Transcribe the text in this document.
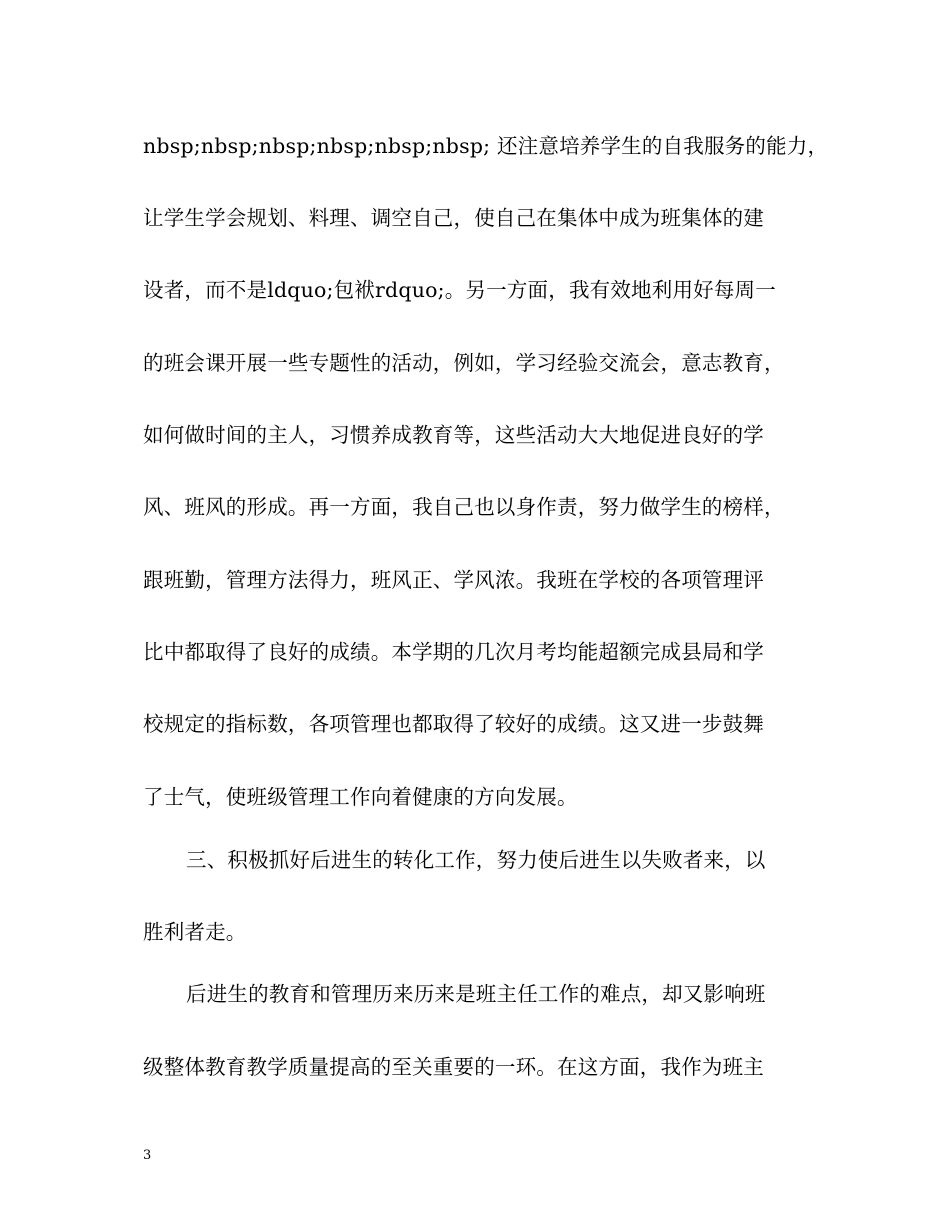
nbsp;nbsp;nbsp;nbsp;nbsp;nbsp; 还注意培养学生的自我服务的能力，
让学生学会规划、料理、调空自己，使自己在集体中成为班集体的建
设者，而不是ldquo;包袱rdquo;。另一方面，我有效地利用好每周一
的班会课开展一些专题性的活动，例如，学习经验交流会，意志教育，
如何做时间的主人，习惯养成教育等，这些活动大大地促进良好的学
风、班风的形成。再一方面，我自己也以身作责，努力做学生的榜样，
跟班勤，管理方法得力，班风正、学风浓。我班在学校的各项管理评
比中都取得了良好的成绩。本学期的几次月考均能超额完成县局和学
校规定的指标数，各项管理也都取得了较好的成绩。这又进一步鼓舞
了士气，使班级管理工作向着健康的方向发展。
三、积极抓好后进生的转化工作，努力使后进生以失败者来，以
胜利者走。
后进生的教育和管理历来历来是班主任工作的难点，却又影响班
级整体教育教学质量提高的至关重要的一环。在这方面，我作为班主
3
